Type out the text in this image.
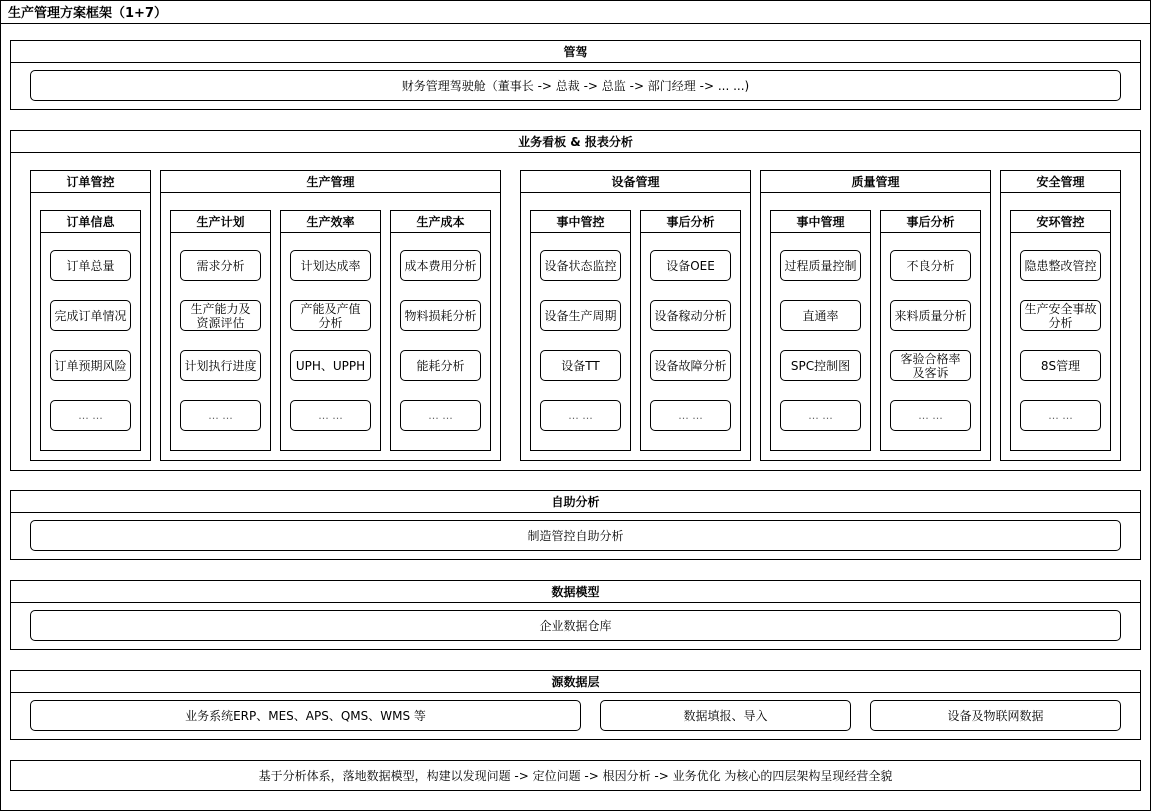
生产管理方案框架（1+7）
管驾
财务管理驾驶舱（董事长 -> 总裁 -> 总监 -> 部门经理 -> ... ...)
业务看板 & 报表分析
订单管控
订单信息
订单总量
完成订单情况
订单预期风险
... ...
生产管理
生产计划
需求分析
生产能力及
资源评估
计划执行进度
... ...
生产效率
计划达成率
产能及产值
分析
UPH、UPPH
... ...
生产成本
成本费用分析
物料损耗分析
能耗分析
... ...
设备管理
事中管控
设备状态监控
设备生产周期
设备TT
... ...
事后分析
设备OEE
设备稼动分析
设备故障分析
... ...
质量管理
事中管理
过程质量控制
直通率
SPC控制图
... ...
事后分析
不良分析
来料质量分析
客验合格率
及客诉
... ...
安全管理
安环管控
隐患整改管控
生产安全事故
分析
8S管理
... ...
自助分析
制造管控自助分析
数据模型
企业数据仓库
源数据层
业务系统ERP、MES、APS、QMS、WMS 等	数据填报、导入	设备及物联网数据
基于分析体系，落地数据模型，构建以发现问题 -> 定位问题 -> 根因分析 -> 业务优化 为核心的四层架构呈现经营全貌
